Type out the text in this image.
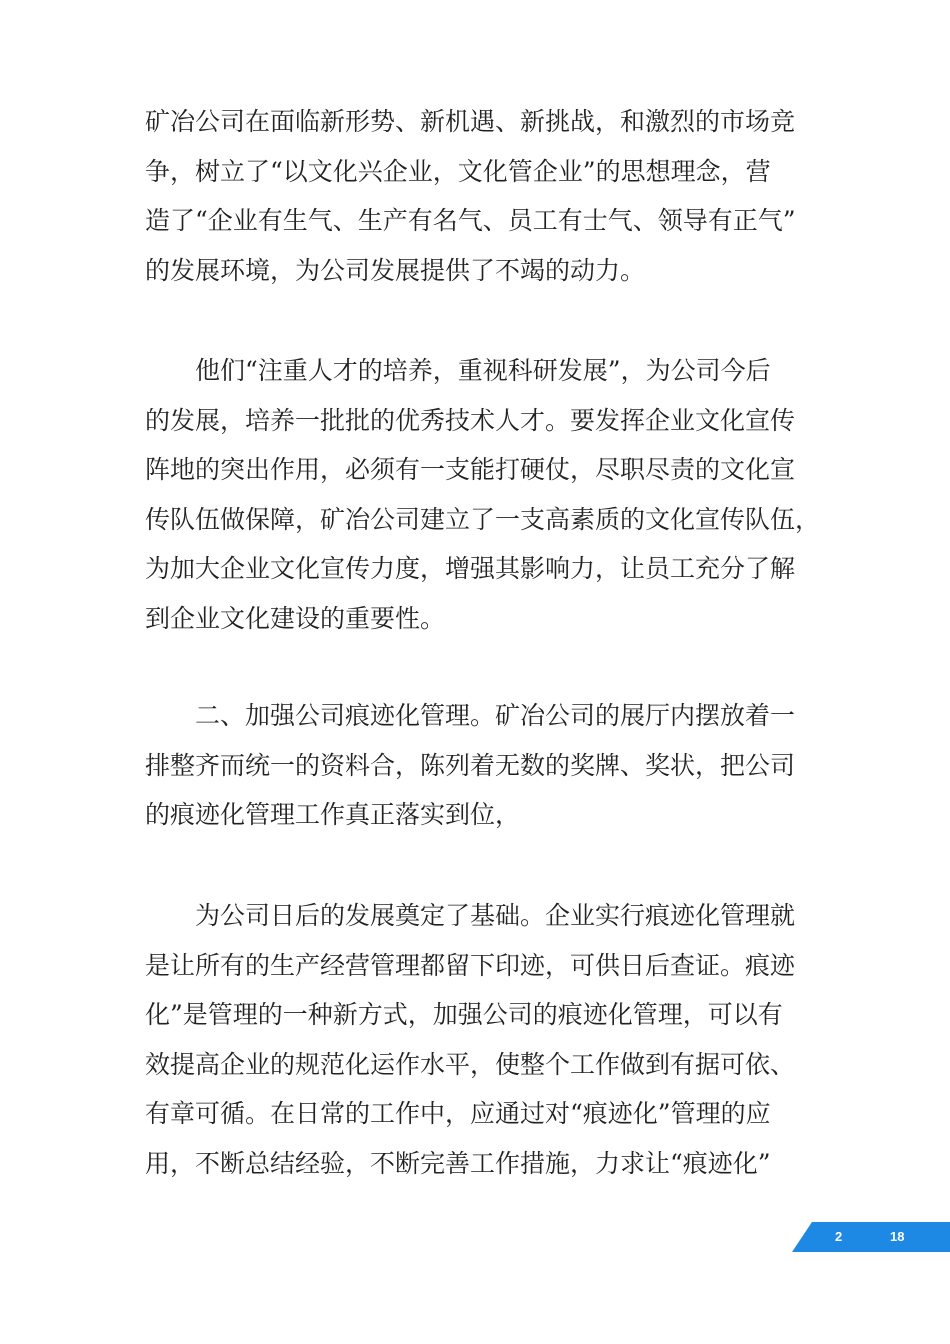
矿冶公司在面临新形势、新机遇、新挑战，和激烈的市场竞
争，树立了“以文化兴企业，文化管企业”的思想理念，营
造了“企业有生气、生产有名气、员工有士气、领导有正气”
的发展环境，为公司发展提供了不竭的动力。

他们“注重人才的培养，重视科研发展”，为公司今后
的发展，培养一批批的优秀技术人才。要发挥企业文化宣传
阵地的突出作用，必须有一支能打硬仗，尽职尽责的文化宣
传队伍做保障，矿冶公司建立了一支高素质的文化宣传队伍，
为加大企业文化宣传力度，增强其影响力，让员工充分了解
到企业文化建设的重要性。

二、加强公司痕迹化管理。矿冶公司的展厅内摆放着一
排整齐而统一的资料合，陈列着无数的奖牌、奖状，把公司
的痕迹化管理工作真正落实到位，

为公司日后的发展奠定了基础。企业实行痕迹化管理就
是让所有的生产经营管理都留下印迹，可供日后查证。痕迹
化”是管理的一种新方式，加强公司的痕迹化管理，可以有
效提高企业的规范化运作水平，使整个工作做到有据可依、
有章可循。在日常的工作中，应通过对“痕迹化”管理的应
用，不断总结经验，不断完善工作措施，力求让“痕迹化”

2	18
